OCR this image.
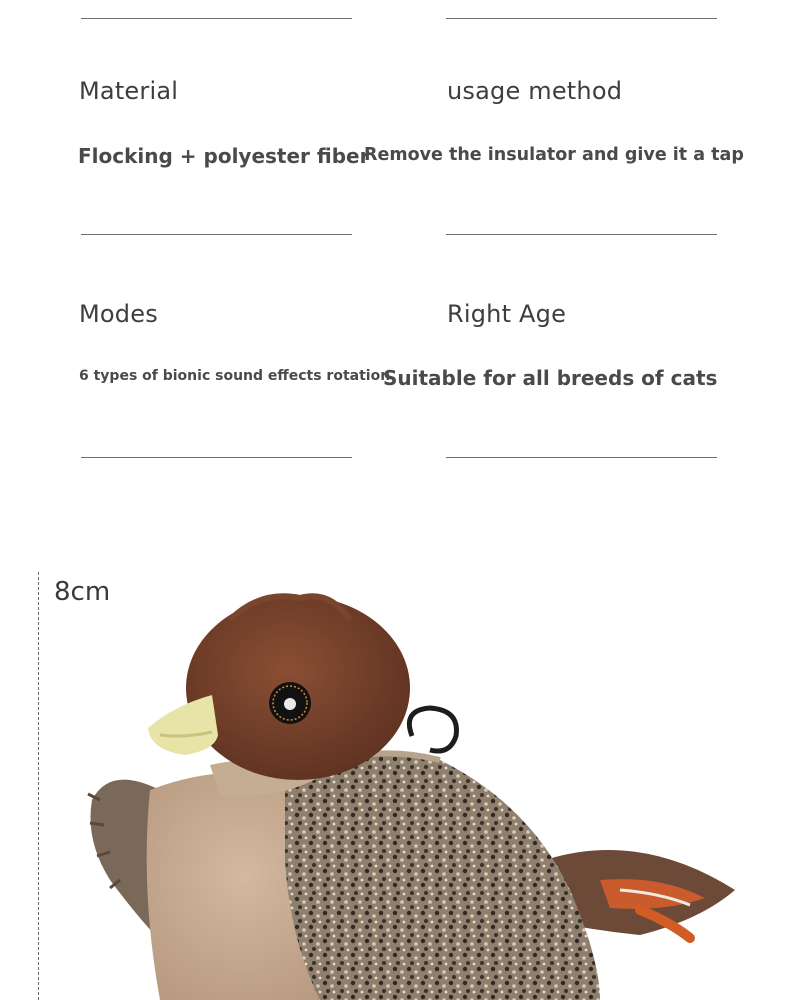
Material
Flocking + polyester fiber
usage method
Remove the insulator and give it a tap
Modes
6 types of bionic sound effects rotation
Right Age
Suitable for all breeds of cats
8cm
